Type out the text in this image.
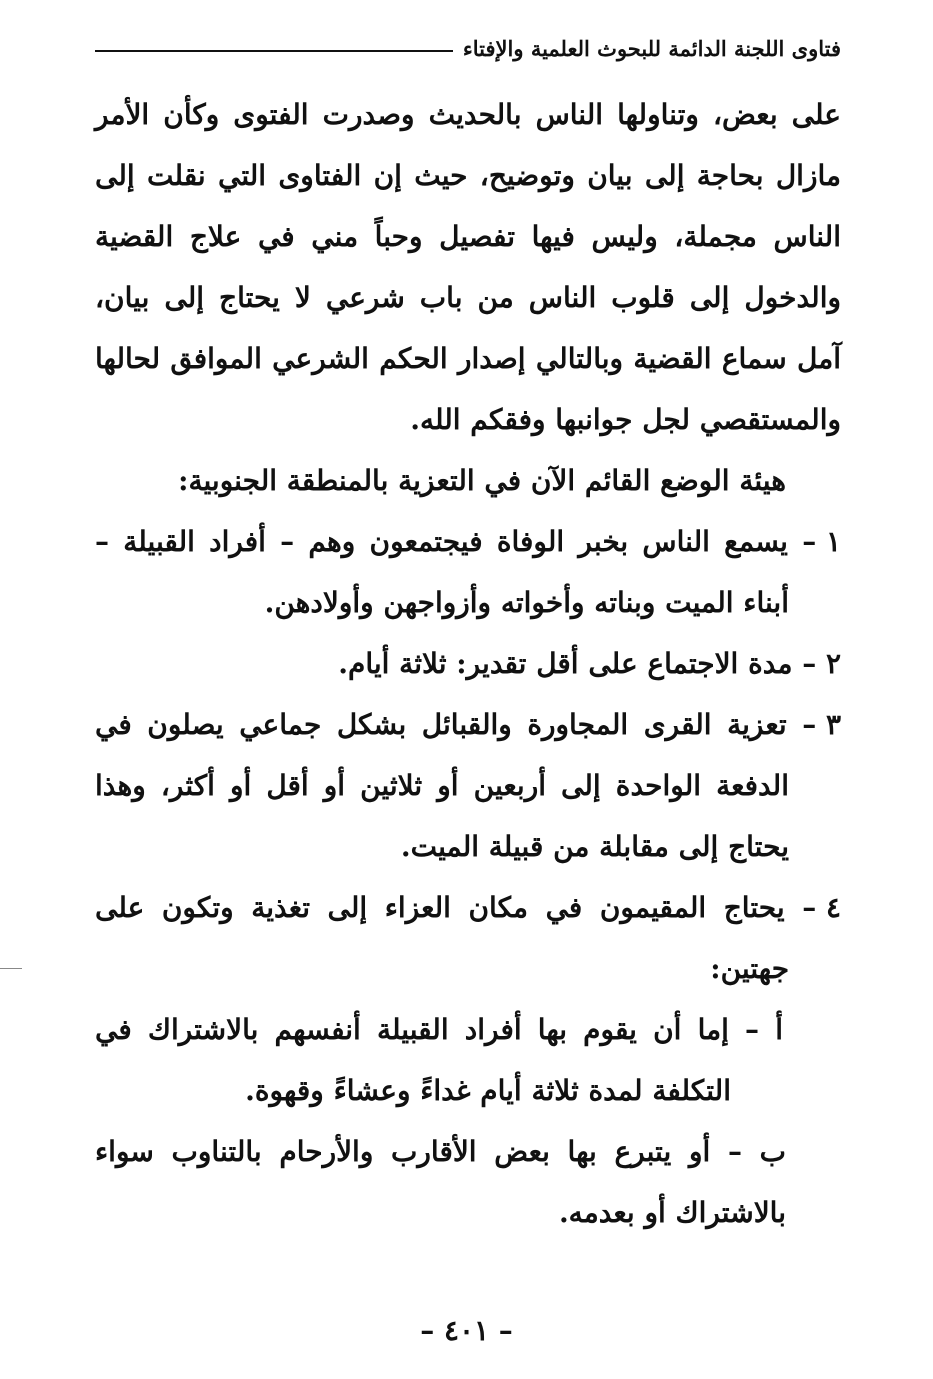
فتاوى اللجنة الدائمة للبحوث العلمية والإفتاء

على بعض، وتناولها الناس بالحديث وصدرت الفتوى وكأن الأمر مازال بحاجة إلى بيان وتوضيح، حيث إن الفتاوى التي نقلت إلى الناس مجملة، وليس فيها تفصيل وحباً مني في علاج القضية والدخول إلى قلوب الناس من باب شرعي لا يحتاج إلى بيان، آمل سماع القضية وبالتالي إصدار الحكم الشرعي الموافق لحالها والمستقصي لجل جوانبها وفقكم الله.

هيئة الوضع القائم الآن في التعزية بالمنطقة الجنوبية:

١ – يسمع الناس بخبر الوفاة فيجتمعون وهم – أفراد القبيلة – أبناء الميت وبناته وأخواته وأزواجهن وأولادهن.

٢ – مدة الاجتماع على أقل تقدير: ثلاثة أيام.

٣ – تعزية القرى المجاورة والقبائل بشكل جماعي يصلون في الدفعة الواحدة إلى أربعين أو ثلاثين أو أقل أو أكثر، وهذا يحتاج إلى مقابلة من قبيلة الميت.

٤ – يحتاج المقيمون في مكان العزاء إلى تغذية وتكون على جهتين:

أ – إما أن يقوم بها أفراد القبيلة أنفسهم بالاشتراك في التكلفة لمدة ثلاثة أيام غداءً وعشاءً وقهوة.

ب – أو يتبرع بها بعض الأقارب والأرحام بالتناوب سواء بالاشتراك أو بعدمه.

– ٤٠١ –
